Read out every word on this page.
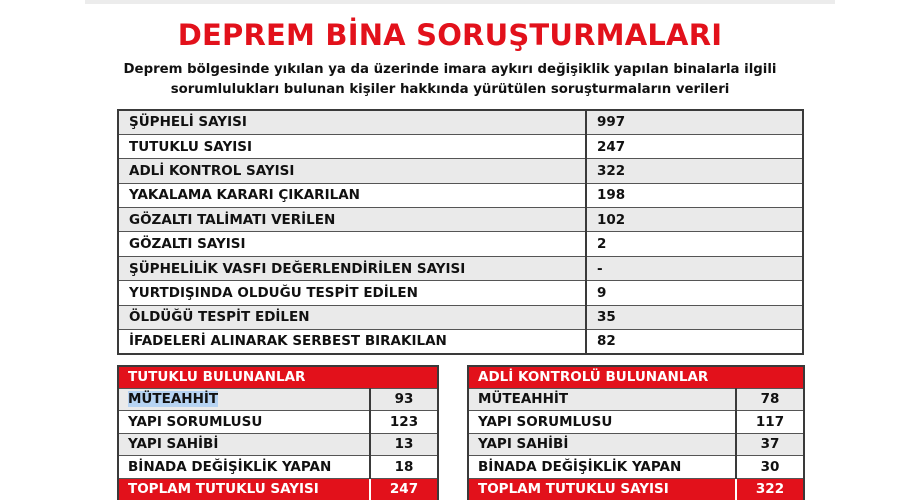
DEPREM BİNA SORUŞTURMALARI
Deprem bölgesinde yıkılan ya da üzerinde imara aykırı değişiklik yapılan binalarla ilgili
sorumlulukları bulunan kişiler hakkında yürütülen soruşturmaların verileri
ŞÜPHELİ SAYISI	997
TUTUKLU SAYISI	247
ADLİ KONTROL SAYISI	322
YAKALAMA KARARI ÇIKARILAN	198
GÖZALTI TALİMATI VERİLEN	102
GÖZALTI SAYISI	2
ŞÜPHELİLİK VASFI DEĞERLENDİRİLEN SAYISI	-
YURTDIŞINDA OLDUĞU TESPİT EDİLEN	9
ÖLDÜĞÜ TESPİT EDİLEN	35
İFADELERİ ALINARAK SERBEST BIRAKILAN	82
TUTUKLU BULUNANLAR	
MÜTEAHHİT	93
YAPI SORUMLUSU	123
YAPI SAHİBİ	13
BİNADA DEĞİŞİKLİK YAPAN	18
TOPLAM TUTUKLU SAYISI	247
ADLİ KONTROLÜ BULUNANLAR	
MÜTEAHHİT	78
YAPI SORUMLUSU	117
YAPI SAHİBİ	37
BİNADA DEĞİŞİKLİK YAPAN	30
TOPLAM TUTUKLU SAYISI	322
